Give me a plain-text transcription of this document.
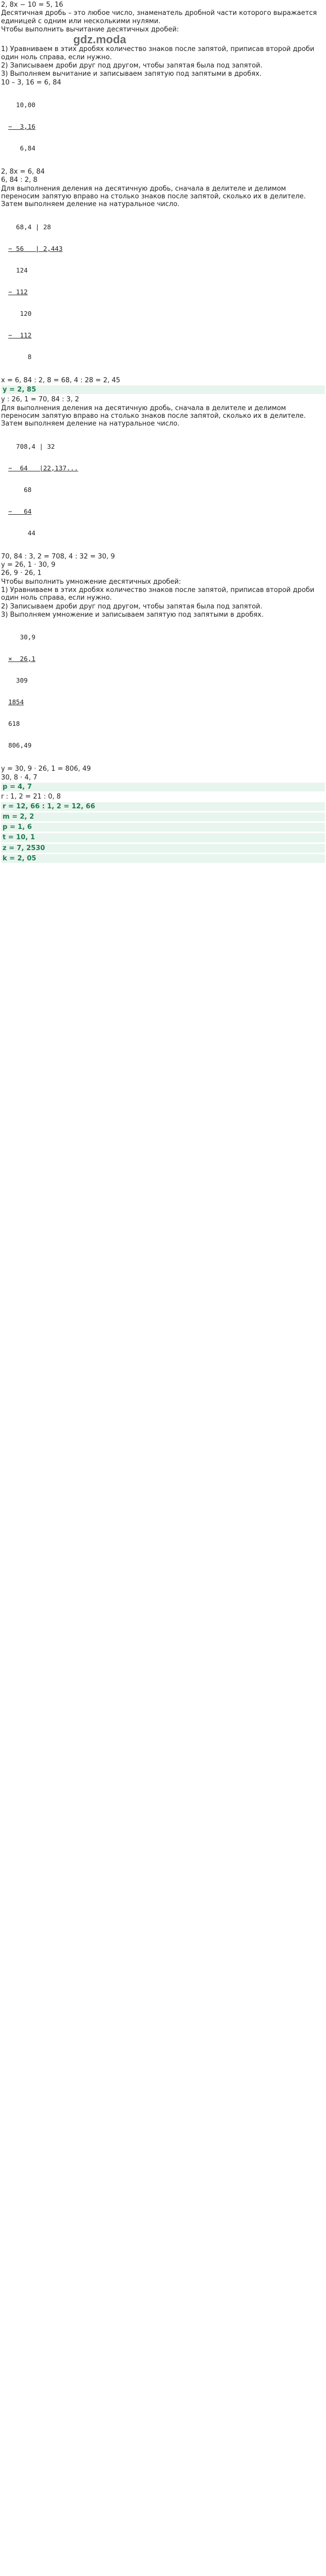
2, 8x − 10 = 5, 16
Десятичная дробь – это любое число, знаменатель дробной части которого выражается единицей с одним или несколькими нулями.
Чтобы выполнить вычитание десятичных дробей:
gdz.moda
1) Уравниваем в этих дробях количество знаков после запятой, приписав второй дроби один ноль справа, если нужно.
2) Записываем дроби друг под другом, чтобы запятая была под запятой.
3) Выполняем вычитание и записываем запятую под запятыми в дробях.
10 – 3, 16 = 6, 84

10,00

−  3,16

6,84

2, 8x = 6, 84
6, 84 : 2, 8
Для выполнения деления на десятичную дробь, сначала в делителе и делимом переносим запятую вправо на столько знаков после запятой, сколько их в делителе. Затем выполняем деление на натуральное число.

68,4 | 28

− 56   | 2,443

124

− 112

120

−  112

8

x = 6, 84 : 2, 8 = 68, 4 : 28 = 2, 45
y = 2, 85
y : 26, 1 = 70, 84 : 3, 2
Для выполнения деления на десятичную дробь, сначала в делителе и делимом переносим запятую вправо на столько знаков после запятой, сколько их в делителе. Затем выполняем деление на натуральное число.

708,4 | 32

−  64   |22,137...

68

−   64

44

70, 84 : 3, 2 = 708, 4 : 32 = 30, 9
y = 26, 1 · 30, 9
26, 9 · 26, 1
Чтобы выполнить умножение десятичных дробей:
1) Уравниваем в этих дробях количество знаков после запятой, приписав второй дроби один ноль справа, если нужно.
2) Записываем дроби друг под другом, чтобы запятая была под запятой.
3) Выполняем умножение и записываем запятую под запятыми в дробях.

30,9

×  26,1

309

1854

618

806,49

y = 30, 9 · 26, 1 = 806, 49
30, 8 · 4, 7
p = 4, 7
r : 1, 2 = 21 : 0, 8
r = 12, 66 : 1, 2 = 12, 66
m = 2, 2
p = 1, 6
t = 10, 1
z = 7, 2530
k = 2, 05
